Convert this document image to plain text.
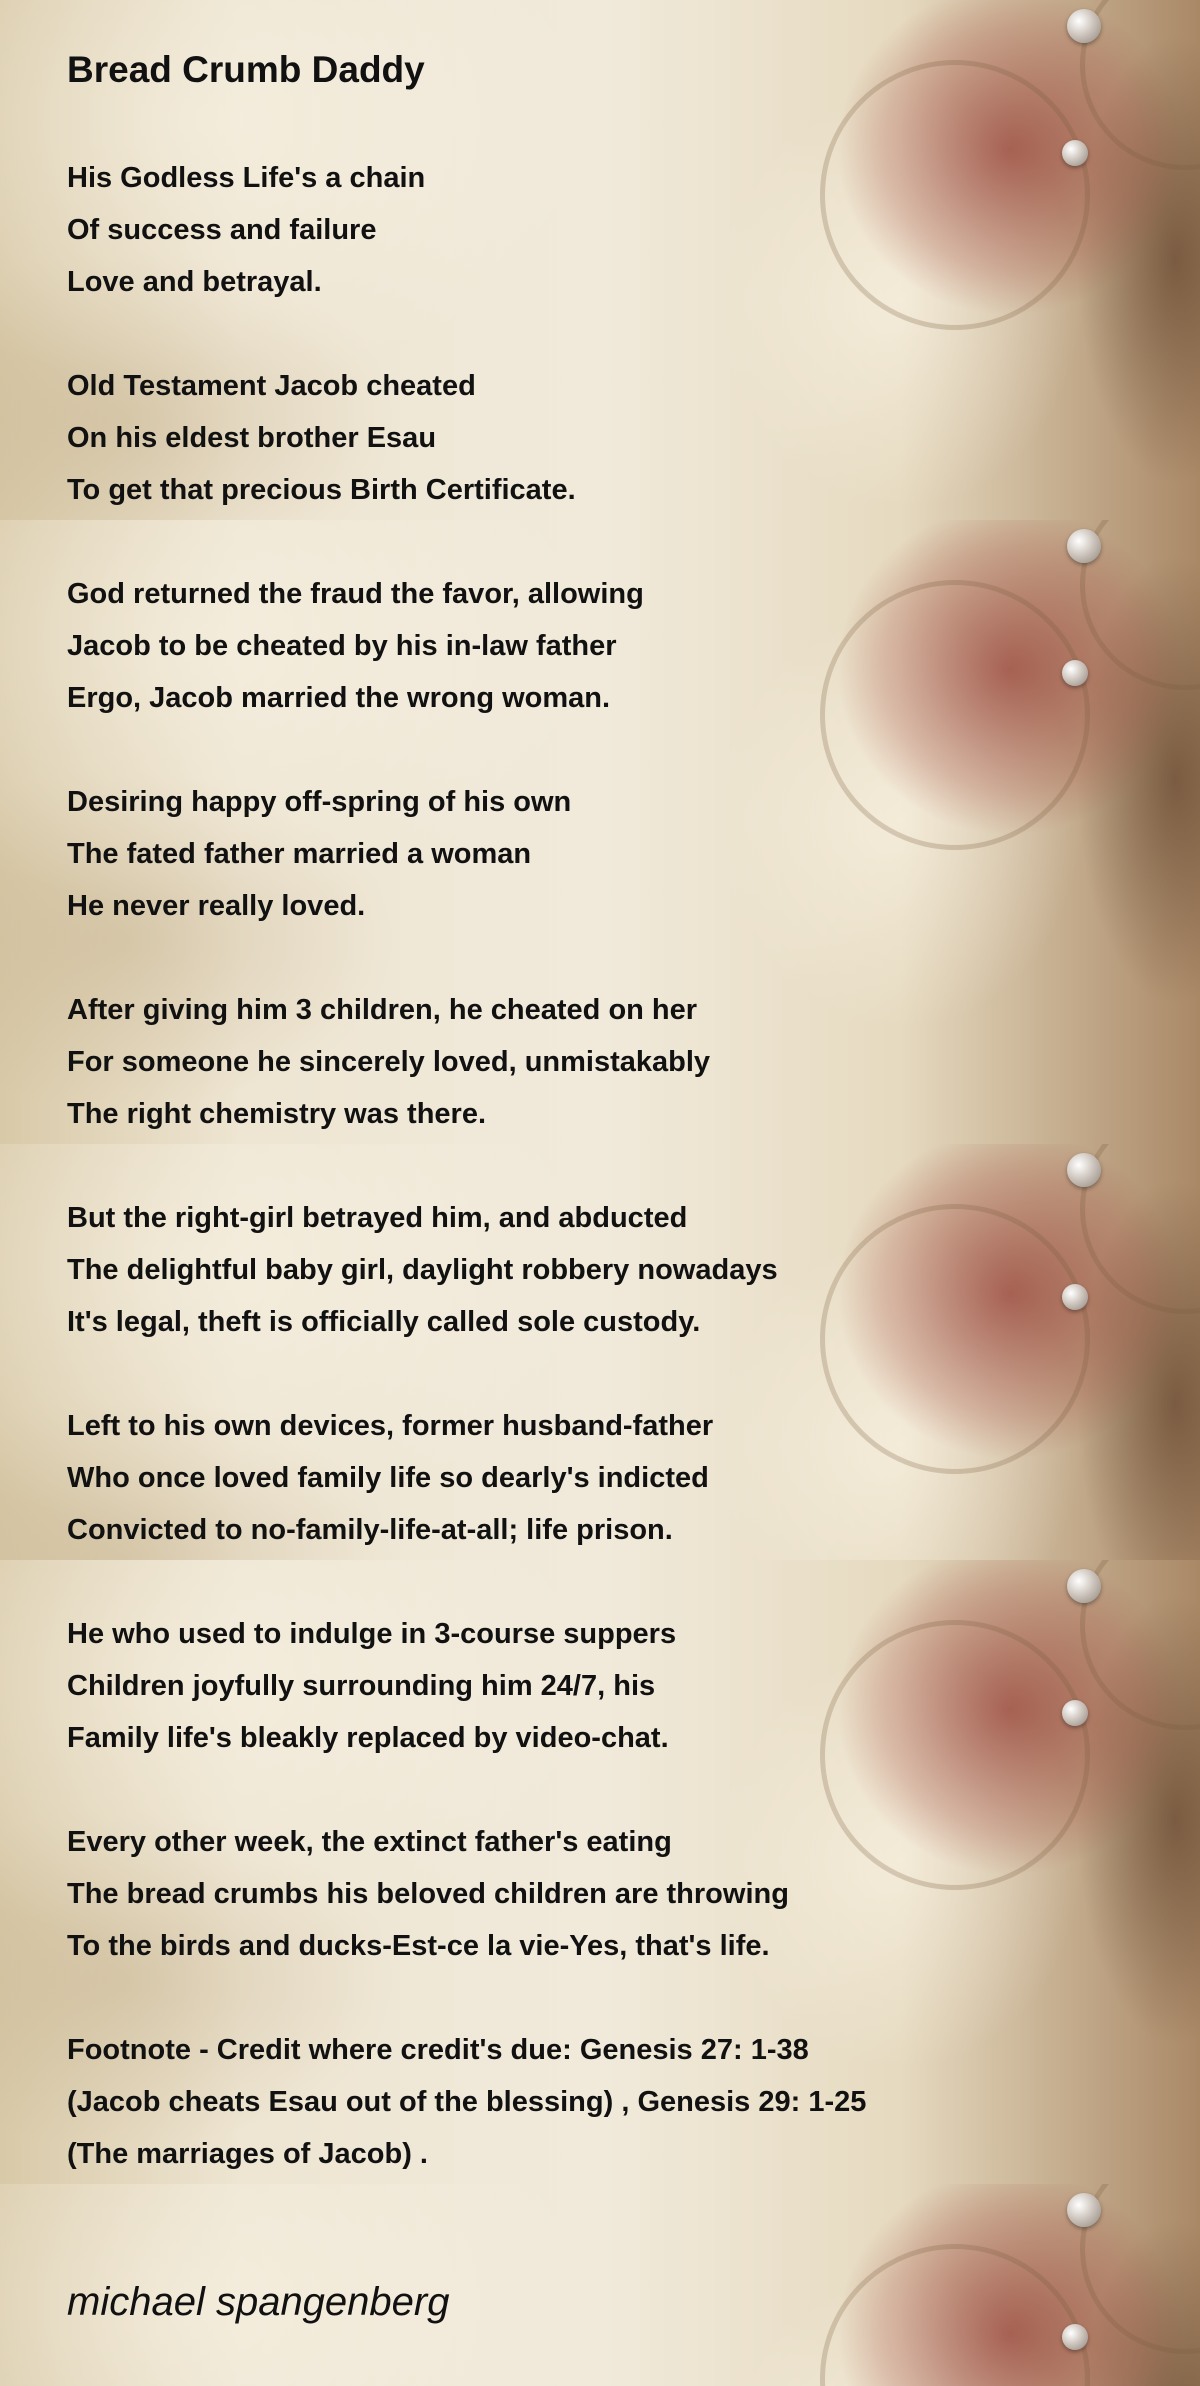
Bread Crumb Daddy
His Godless Life's a chain
Of success and failure
Love and betrayal.
Old Testament Jacob cheated
On his eldest brother Esau
To get that precious Birth Certificate.
God returned the fraud the favor, allowing
Jacob to be cheated by his in-law father
Ergo, Jacob married the wrong woman.
Desiring happy off-spring of his own
The fated father married a woman
He never really loved.
After giving him 3 children, he cheated on her
For someone he sincerely loved, unmistakably
The right chemistry was there.
But the right-girl betrayed him, and abducted
The delightful baby girl, daylight robbery nowadays
It's legal, theft is officially called sole custody.
Left to his own devices, former husband-father
Who once loved family life so dearly's indicted
Convicted to no-family-life-at-all; life prison.
He who used to indulge in 3-course suppers
Children joyfully surrounding him 24/7, his
Family life's bleakly replaced by video-chat.
Every other week, the extinct father's eating
The bread crumbs his beloved children are throwing
To the birds and ducks-Est-ce la vie-Yes, that's life.
Footnote - Credit where credit's due: Genesis 27: 1-38
(Jacob cheats Esau out of the blessing) , Genesis 29: 1-25
(The marriages of Jacob) .
michael spangenberg
